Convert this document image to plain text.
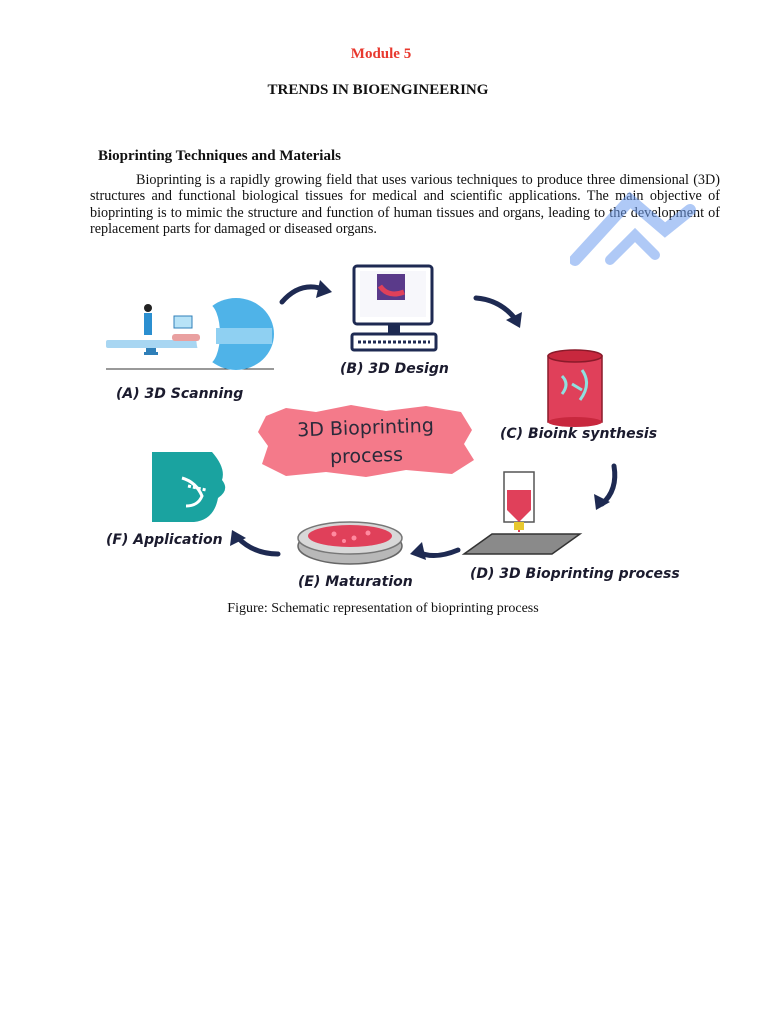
Module 5
TRENDS IN BIOENGINEERING
Bioprinting Techniques and Materials

Bioprinting is a rapidly growing field that uses various techniques to produce three dimensional (3D) structures and functional biological tissues for medical and scientific applications. The main objective of bioprinting is to mimic the structure and function of human tissues and organs, leading to the development of replacement parts for damaged or diseased organs.

3D Bioprinting
process
(A) 3D Scanning
(B) 3D Design
(C) Bioink synthesis
(D) 3D Bioprinting process
(E) Maturation
(F) Application
Figure: Schematic representation of bioprinting process
